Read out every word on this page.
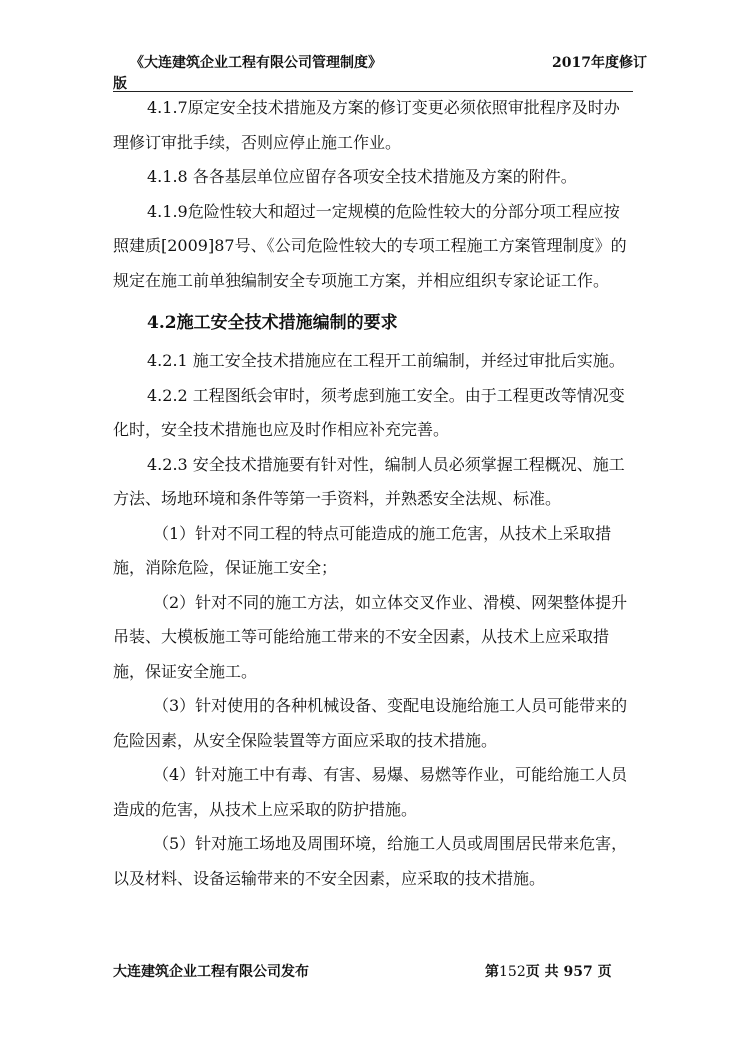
《大连建筑企业工程有限公司管理制度》	2017年度修订
版

4.1.7原定安全技术措施及方案的修订变更必须依照审批程序及时办理修订审批手续，否则应停止施工作业。

4.1.8 各各基层单位应留存各项安全技术措施及方案的附件。

4.1.9危险性较大和超过一定规模的危险性较大的分部分项工程应按照建质[2009]87号、《公司危险性较大的专项工程施工方案管理制度》的规定在施工前单独编制安全专项施工方案，并相应组织专家论证工作。

4.2施工安全技术措施编制的要求

4.2.1 施工安全技术措施应在工程开工前编制，并经过审批后实施。

4.2.2 工程图纸会审时，须考虑到施工安全。由于工程更改等情况变化时，安全技术措施也应及时作相应补充完善。

4.2.3 安全技术措施要有针对性，编制人员必须掌握工程概况、施工方法、场地环境和条件等第一手资料，并熟悉安全法规、标准。

（1）针对不同工程的特点可能造成的施工危害，从技术上采取措施，消除危险，保证施工安全；

（2）针对不同的施工方法，如立体交叉作业、滑模、网架整体提升吊装、大模板施工等可能给施工带来的不安全因素，从技术上应采取措施，保证安全施工。

（3）针对使用的各种机械设备、变配电设施给施工人员可能带来的危险因素，从安全保险装置等方面应采取的技术措施。

（4）针对施工中有毒、有害、易爆、易燃等作业，可能给施工人员造成的危害，从技术上应采取的防护措施。

（5）针对施工场地及周围环境，给施工人员或周围居民带来危害，以及材料、设备运输带来的不安全因素，应采取的技术措施。

大连建筑企业工程有限公司发布	第152页 共 957 页
